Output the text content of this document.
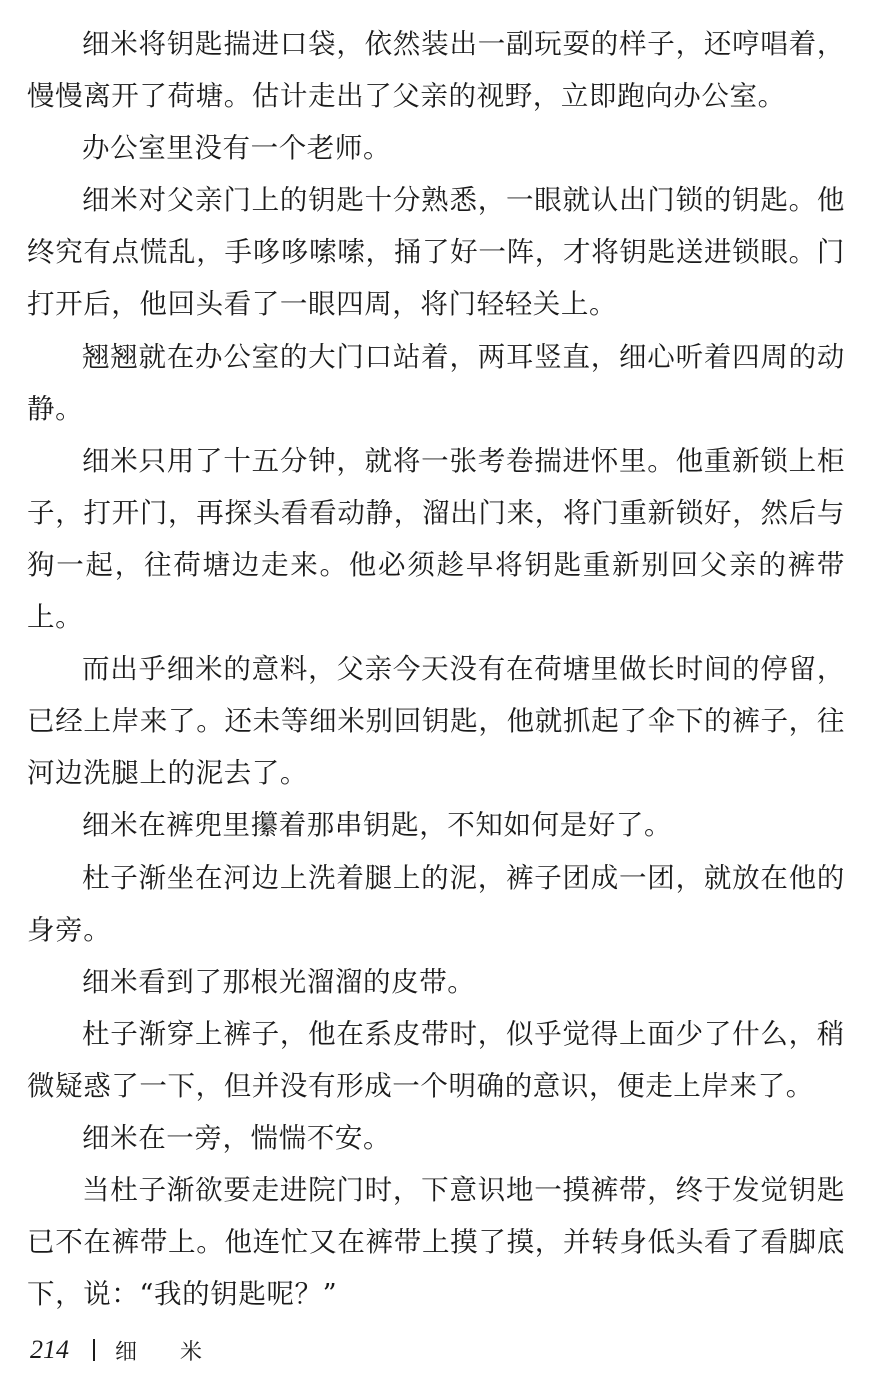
细米将钥匙揣进口袋，依然装出一副玩耍的样子，还哼唱着，慢慢离开了荷塘。估计走出了父亲的视野，立即跑向办公室。

办公室里没有一个老师。

细米对父亲门上的钥匙十分熟悉，一眼就认出门锁的钥匙。他终究有点慌乱，手哆哆嗦嗦，捅了好一阵，才将钥匙送进锁眼。门打开后，他回头看了一眼四周，将门轻轻关上。

翘翘就在办公室的大门口站着，两耳竖直，细心听着四周的动静。

细米只用了十五分钟，就将一张考卷揣进怀里。他重新锁上柜子，打开门，再探头看看动静，溜出门来，将门重新锁好，然后与狗一起，往荷塘边走来。他必须趁早将钥匙重新别回父亲的裤带上。

而出乎细米的意料，父亲今天没有在荷塘里做长时间的停留，已经上岸来了。还未等细米别回钥匙，他就抓起了伞下的裤子，往河边洗腿上的泥去了。

细米在裤兜里攥着那串钥匙，不知如何是好了。

杜子渐坐在河边上洗着腿上的泥，裤子团成一团，就放在他的身旁。

细米看到了那根光溜溜的皮带。

杜子渐穿上裤子，他在系皮带时，似乎觉得上面少了什么，稍微疑惑了一下，但并没有形成一个明确的意识，便走上岸来了。

细米在一旁，惴惴不安。

当杜子渐欲要走进院门时，下意识地一摸裤带，终于发觉钥匙已不在裤带上。他连忙又在裤带上摸了摸，并转身低头看了看脚底下，说：“我的钥匙呢？”

214 细 米
